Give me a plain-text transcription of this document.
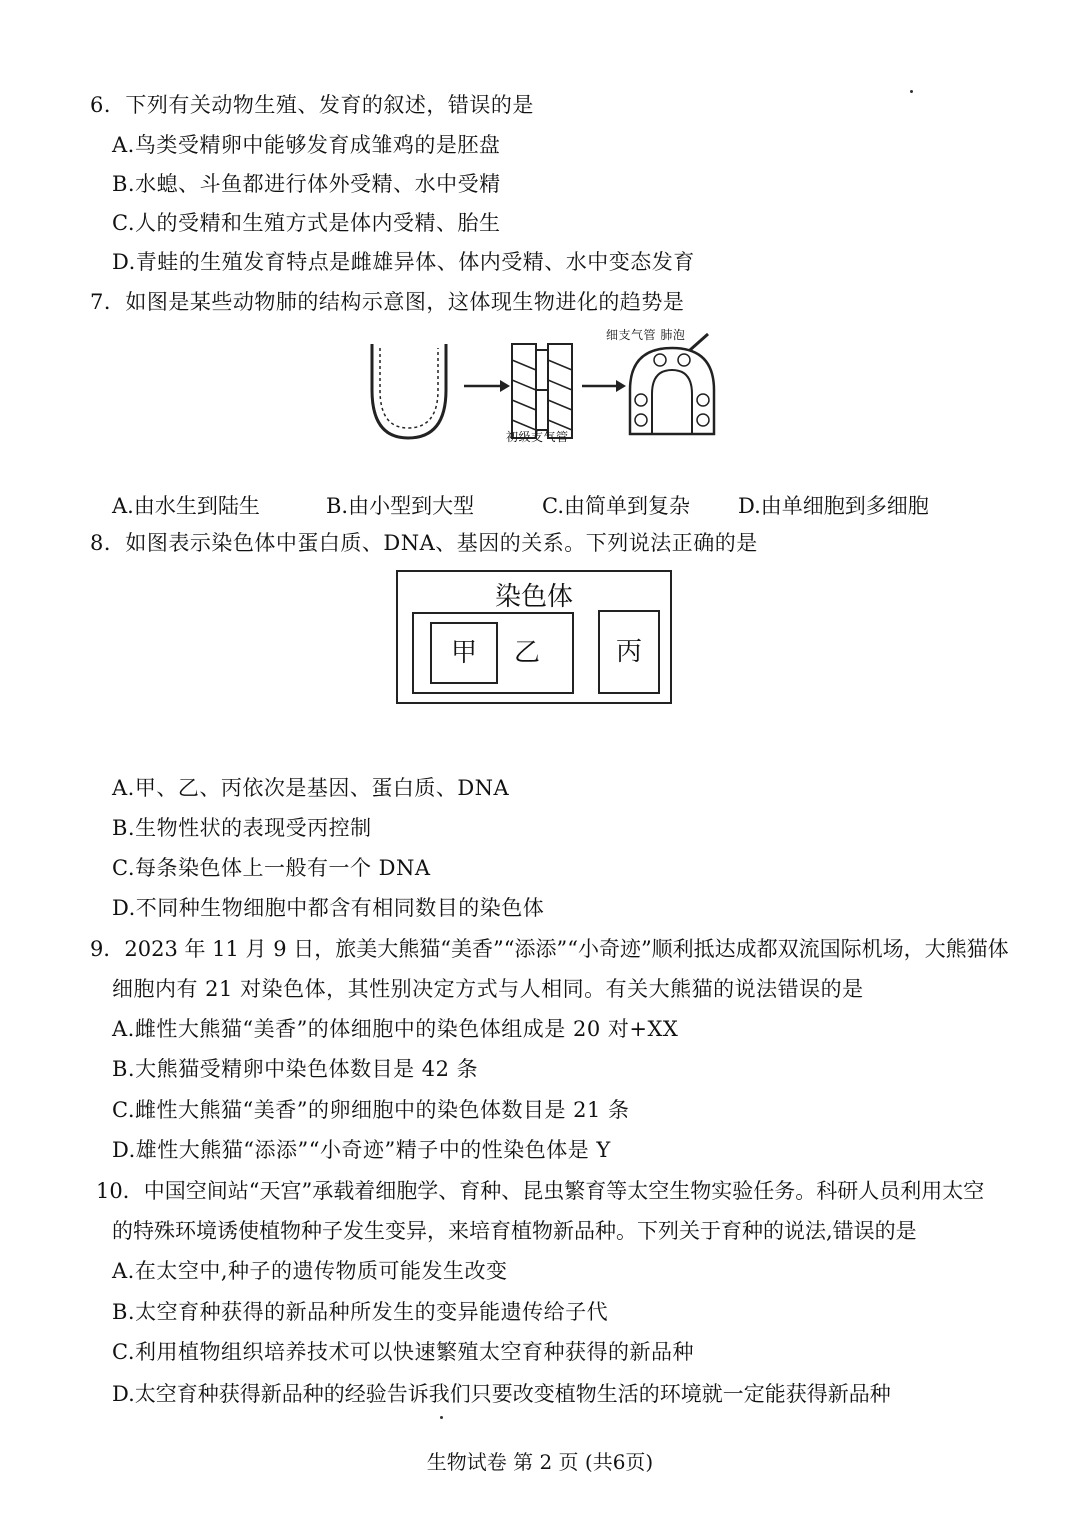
6．下列有关动物生殖、发育的叙述，错误的是
A.鸟类受精卵中能够发育成雏鸡的是胚盘
B.水螅、斗鱼都进行体外受精、水中受精
C.人的受精和生殖方式是体内受精、胎生
D.青蛙的生殖发育特点是雌雄异体、体内受精、水中变态发育
7．如图是某些动物肺的结构示意图，这体现生物进化的趋势是
细支气管 肺泡
初级支气管
A.由水生到陆生	B.由小型到大型	C.由简单到复杂 D.由单细胞到多细胞
8．如图表示染色体中蛋白质、DNA、基因的关系。下列说法正确的是
染色体
甲	乙	丙
A.甲、乙、丙依次是基因、蛋白质、DNA
B.生物性状的表现受丙控制
C.每条染色体上一般有一个 DNA
D.不同种生物细胞中都含有相同数目的染色体
9．2023 年 11 月 9 日，旅美大熊猫“美香”“添添”“小奇迹”顺利抵达成都双流国际机场，大熊猫体
细胞内有 21 对染色体，其性别决定方式与人相同。有关大熊猫的说法错误的是
A.雌性大熊猫“美香”的体细胞中的染色体组成是 20 对+XX
B.大熊猫受精卵中染色体数目是 42 条
C.雌性大熊猫“美香”的卵细胞中的染色体数目是 21 条
D.雄性大熊猫“添添”“小奇迹”精子中的性染色体是 Y
10．中国空间站“天宫”承载着细胞学、育种、昆虫繁育等太空生物实验任务。科研人员利用太空
的特殊环境诱使植物种子发生变异，来培育植物新品种。下列关于育种的说法,错误的是
A.在太空中,种子的遗传物质可能发生改变
B.太空育种获得的新品种所发生的变异能遗传给子代
C.利用植物组织培养技术可以快速繁殖太空育种获得的新品种
D.太空育种获得新品种的经验告诉我们只要改变植物生活的环境就一定能获得新品种
生物试卷 第 2 页 (共6页)
